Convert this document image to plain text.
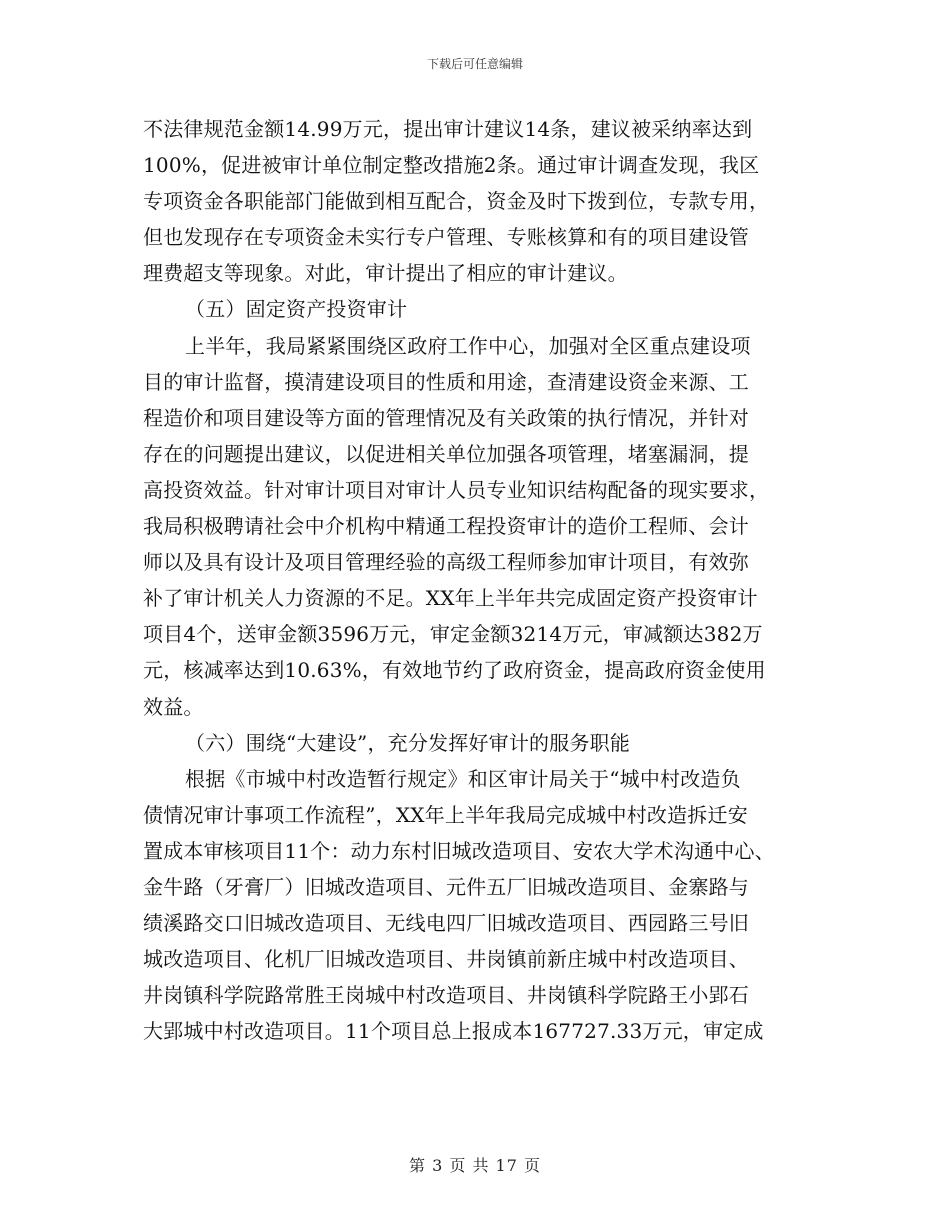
下载后可任意编辑
不法律规范金额14.99万元，提出审计建议14条，建议被采纳率达到
100%，促进被审计单位制定整改措施2条。通过审计调查发现，我区
专项资金各职能部门能做到相互配合，资金及时下拨到位，专款专用，
但也发现存在专项资金未实行专户管理、专账核算和有的项目建设管
理费超支等现象。对此，审计提出了相应的审计建议。
（五）固定资产投资审计
上半年，我局紧紧围绕区政府工作中心，加强对全区重点建设项
目的审计监督，摸清建设项目的性质和用途，查清建设资金来源、工
程造价和项目建设等方面的管理情况及有关政策的执行情况，并针对
存在的问题提出建议，以促进相关单位加强各项管理，堵塞漏洞，提
高投资效益。针对审计项目对审计人员专业知识结构配备的现实要求，
我局积极聘请社会中介机构中精通工程投资审计的造价工程师、会计
师以及具有设计及项目管理经验的高级工程师参加审计项目，有效弥
补了审计机关人力资源的不足。XX年上半年共完成固定资产投资审计
项目4个，送审金额3596万元，审定金额3214万元，审减额达382万
元，核减率达到10.63%，有效地节约了政府资金，提高政府资金使用
效益。
（六）围绕“大建设”，充分发挥好审计的服务职能
根据《市城中村改造暂行规定》和区审计局关于“城中村改造负
债情况审计事项工作流程”，XX年上半年我局完成城中村改造拆迁安
置成本审核项目11个：动力东村旧城改造项目、安农大学术沟通中心、
金牛路（牙膏厂）旧城改造项目、元件五厂旧城改造项目、金寨路与
绩溪路交口旧城改造项目、无线电四厂旧城改造项目、西园路三号旧
城改造项目、化机厂旧城改造项目、井岗镇前新庄城中村改造项目、
井岗镇科学院路常胜王岗城中村改造项目、井岗镇科学院路王小郢石
大郢城中村改造项目。11个项目总上报成本167727.33万元，审定成
第 3 页 共 17 页
